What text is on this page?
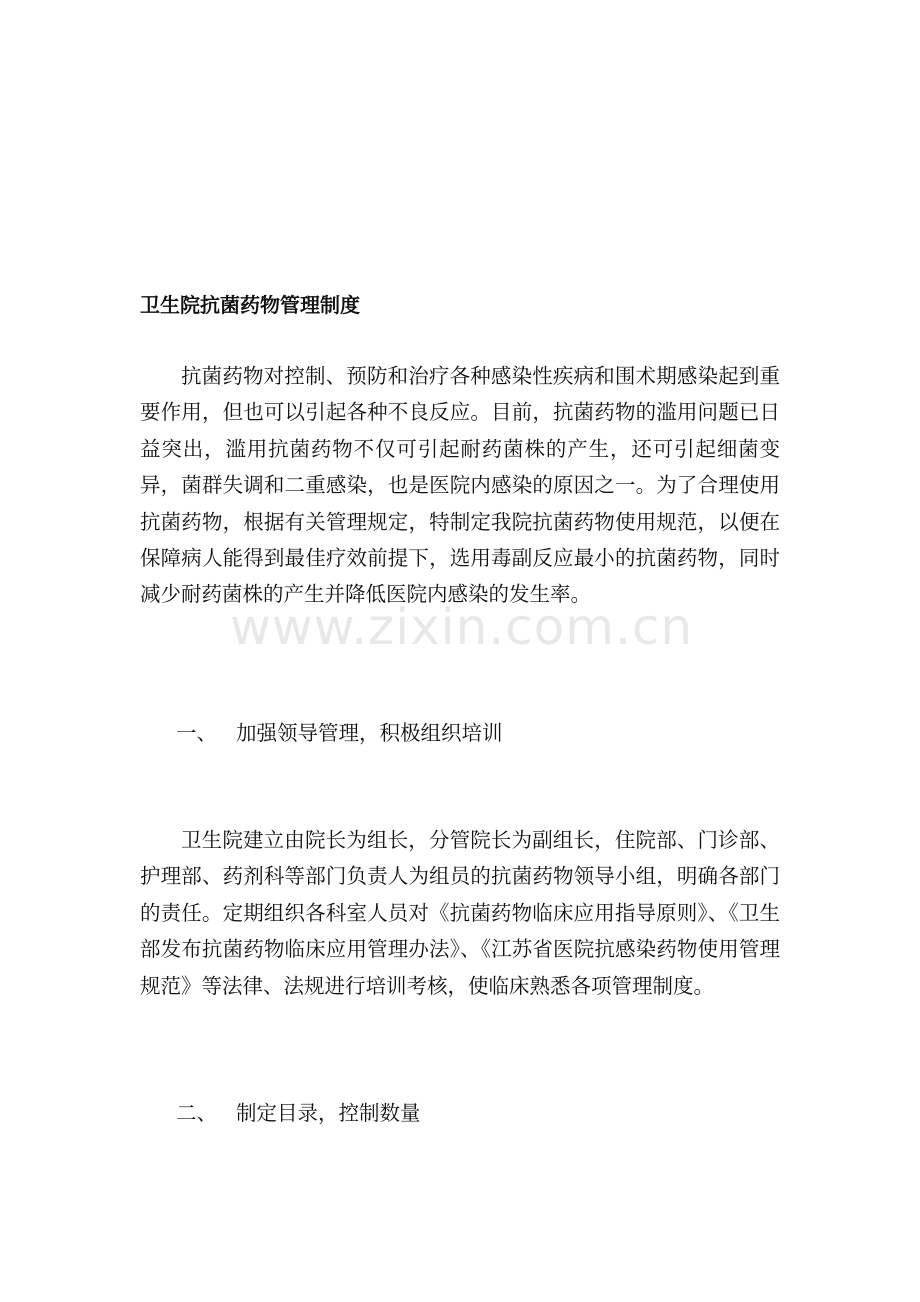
www.zixin.com.cn
卫生院抗菌药物管理制度

抗菌药物对控制、预防和治疗各种感染性疾病和围术期感染起到重要作用，但也可以引起各种不良反应。目前，抗菌药物的滥用问题已日益突出，滥用抗菌药物不仅可引起耐药菌株的产生，还可引起细菌变异，菌群失调和二重感染，也是医院内感染的原因之一。为了合理使用抗菌药物，根据有关管理规定，特制定我院抗菌药物使用规范，以便在保障病人能得到最佳疗效前提下，选用毒副反应最小的抗菌药物，同时减少耐药菌株的产生并降低医院内感染的发生率。

一、 加强领导管理，积极组织培训

卫生院建立由院长为组长，分管院长为副组长，住院部、门诊部、护理部、药剂科等部门负责人为组员的抗菌药物领导小组，明确各部门的责任。定期组织各科室人员对《抗菌药物临床应用指导原则》、《卫生部发布抗菌药物临床应用管理办法》、《江苏省医院抗感染药物使用管理规范》等法律、法规进行培训考核，使临床熟悉各项管理制度。

二、 制定目录，控制数量
